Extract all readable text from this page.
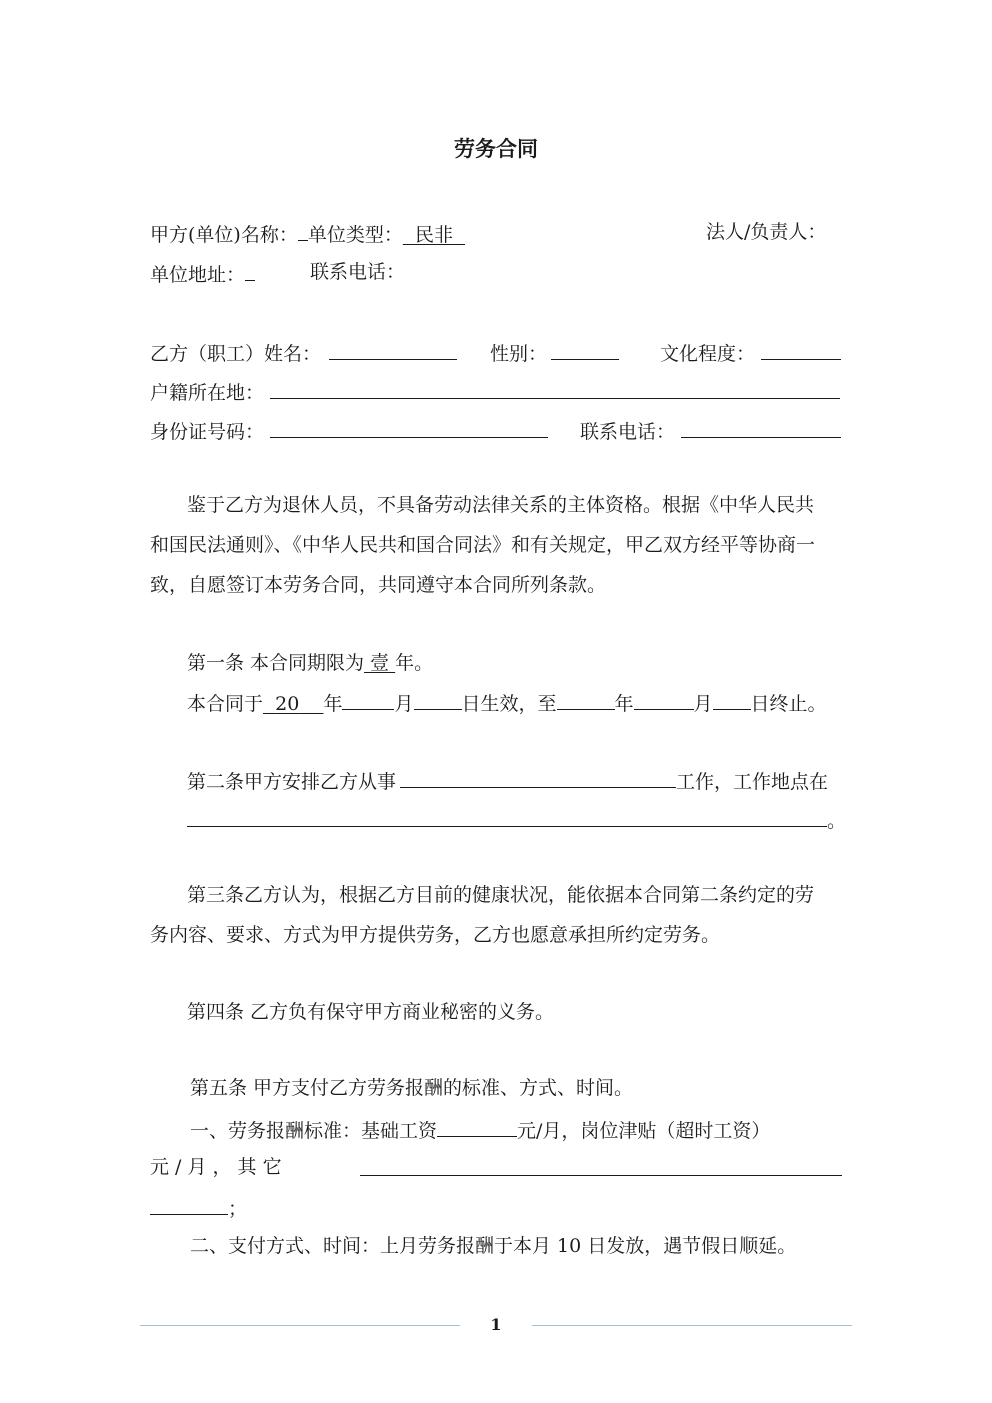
劳务合同
甲方(单位)名称： 单位类型： 民非	法人/负责人：
单位地址：	联系电话：
乙方（职工）姓名：	性别：	文化程度：
户籍所在地：
身份证号码：	联系电话：
鉴于乙方为退休人员，不具备劳动法律关系的主体资格。根据《中华人民共
和国民法通则》、《中华人民共和国合同法》和有关规定，甲乙双方经平等协商一
致，自愿签订本劳务合同，共同遵守本合同所列条款。
第一条 本合同期限为 壹 年。
本合同于 20 年	月	日生效，至	年	月 日终止。
第二条甲方安排乙方从事	工作，工作地点在
。
第三条乙方认为，根据乙方目前的健康状况，能依据本合同第二条约定的劳
务内容、要求、方式为甲方提供劳务，乙方也愿意承担所约定劳务。
第四条 乙方负有保守甲方商业秘密的义务。
第五条 甲方支付乙方劳务报酬的标准、方式、时间。
一、劳务报酬标准：基础工资	元/月，岗位津贴（超时工资）
元 / 月 ， 其 它
；
二、支付方式、时间：上月劳务报酬于本月 10 日发放，遇节假日顺延。
1
